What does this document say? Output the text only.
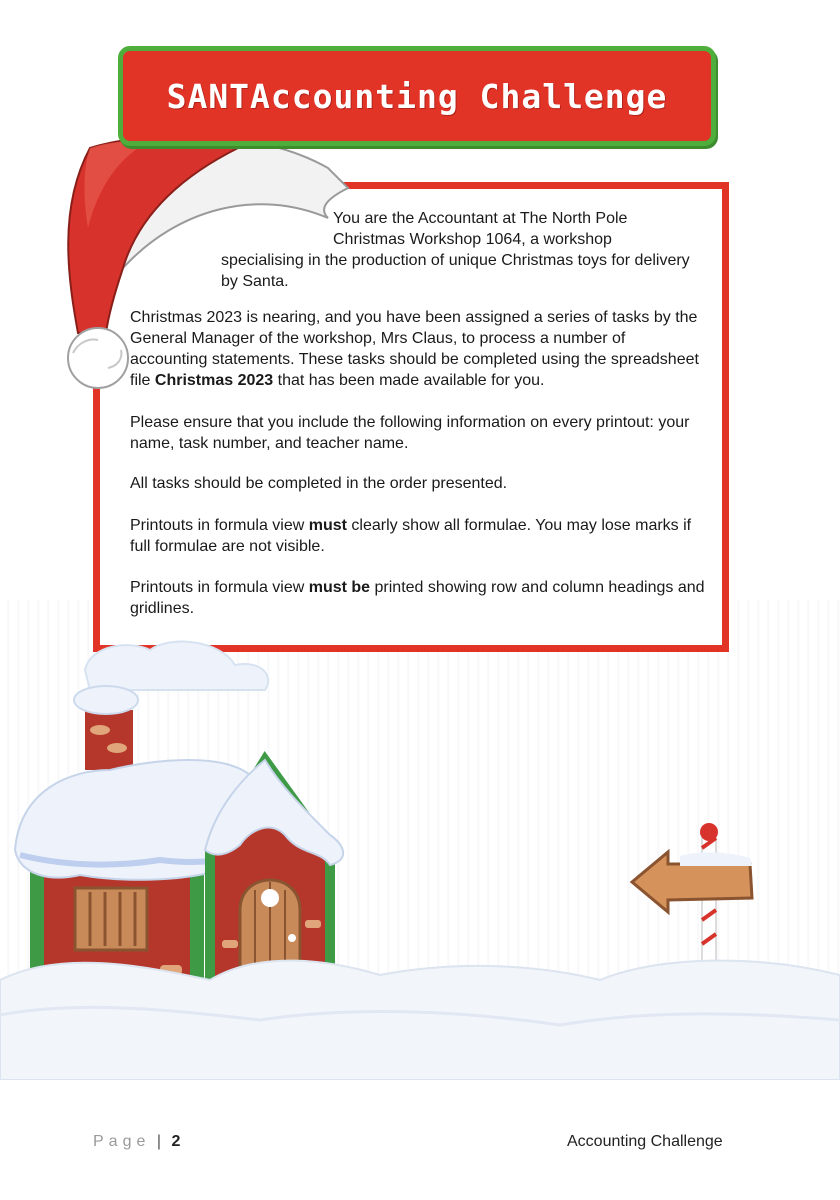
SANTAccounting Challenge
You are the Accountant at The North Pole Christmas Workshop 1064, a workshop
specialising in the production of unique Christmas toys for delivery by Santa.
Christmas 2023 is nearing, and you have been assigned a series of tasks by the General Manager of the workshop, Mrs Claus, to process a number of accounting statements. These tasks should be completed using the spreadsheet file Christmas 2023 that has been made available for you.
Please ensure that you include the following information on every printout: your name, task number, and teacher name.
All tasks should be completed in the order presented.
Printouts in formula view must clearly show all formulae. You may lose marks if full formulae are not visible.
Printouts in formula view must be printed showing row and column headings and gridlines.
Page | 2	Accounting Challenge
